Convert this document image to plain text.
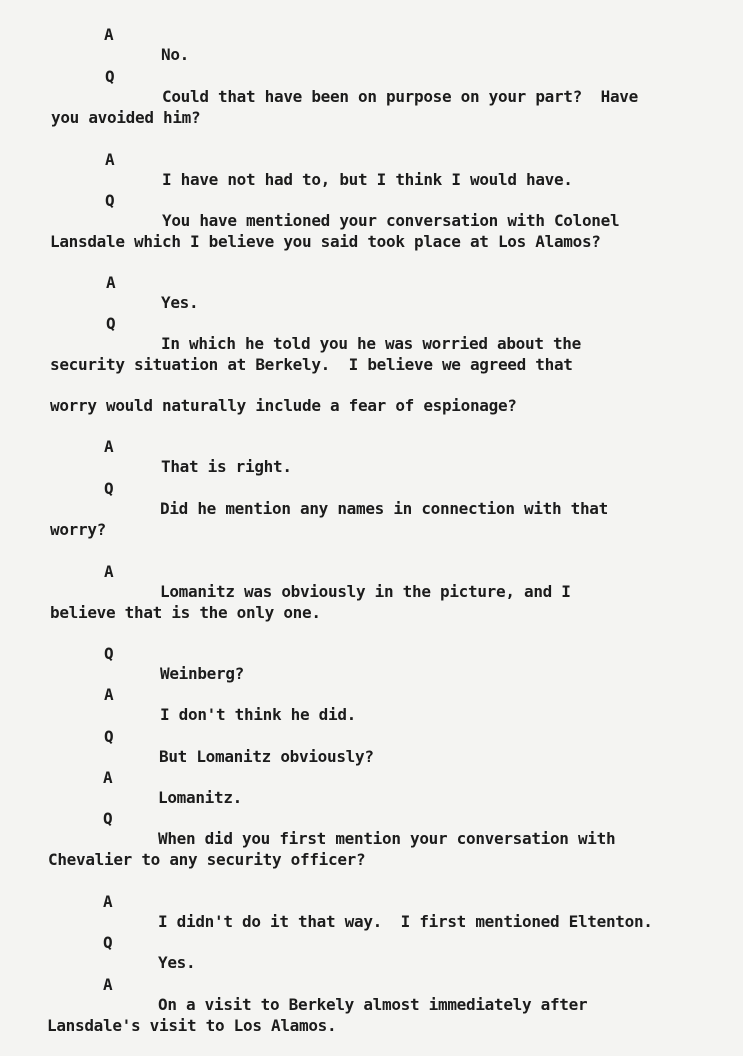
A

No.

Q

Could that have been on purpose on your part?  Have

you avoided him?

A

I have not had to, but I think I would have.

Q

You have mentioned your conversation with Colonel

Lansdale which I believe you said took place at Los Alamos?

A

Yes.

Q

In which he told you he was worried about the

security situation at Berkely.  I believe we agreed that

worry would naturally include a fear of espionage?

A

That is right.

Q

Did he mention any names in connection with that

worry?

A

Lomanitz was obviously in the picture, and I

believe that is the only one.

Q

Weinberg?

A

I don't think he did.

Q

But Lomanitz obviously?

A

Lomanitz.

Q

When did you first mention your conversation with

Chevalier to any security officer?

A

I didn't do it that way.  I first mentioned Eltenton.

Q

Yes.

A

On a visit to Berkely almost immediately after

Lansdale's visit to Los Alamos.
